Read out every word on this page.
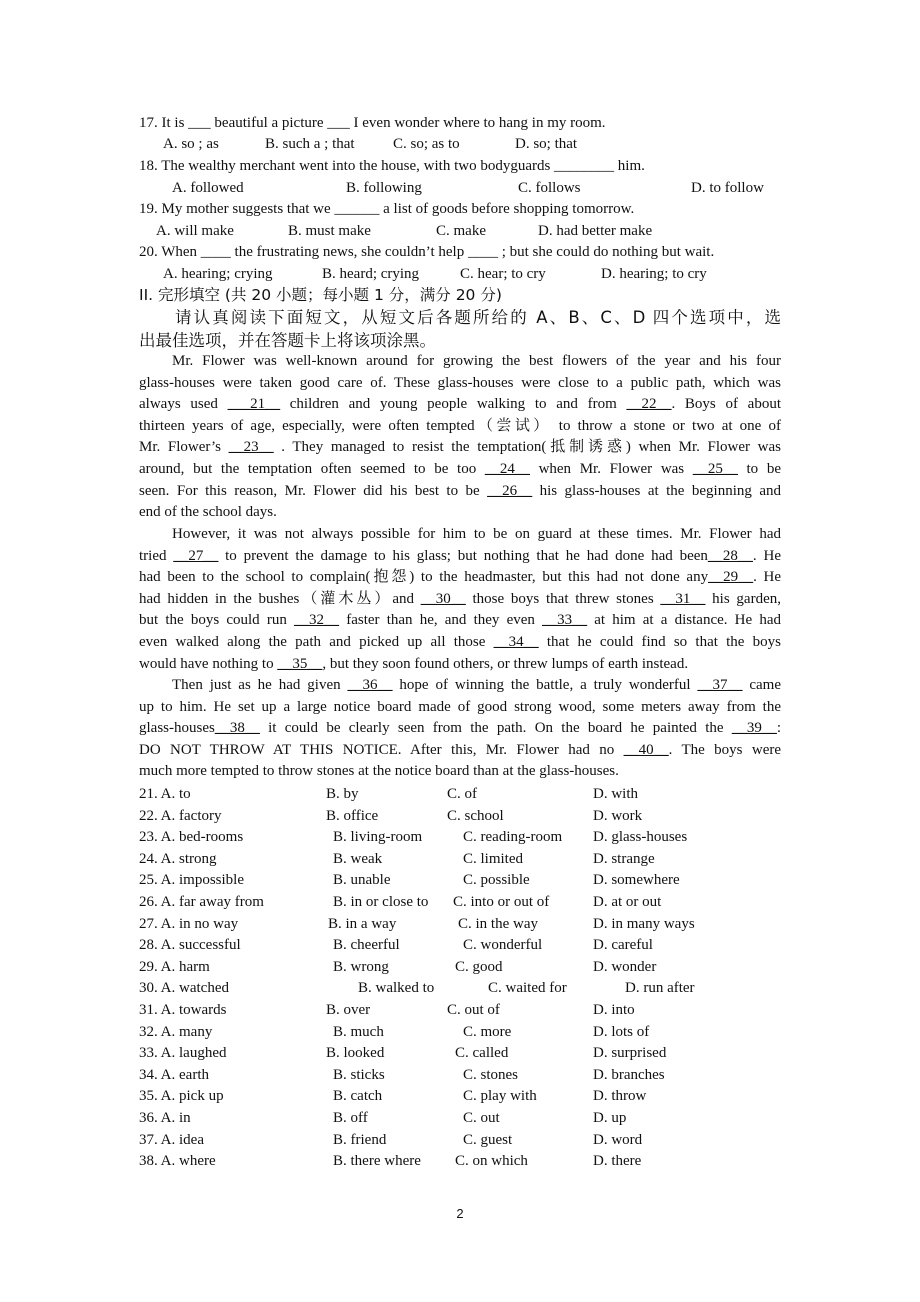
17. It is ___ beautiful a picture ___ I even wonder where to hang in my room.
A. so ; as	B. such a ; that	C. so; as to	D. so; that
18. The wealthy merchant went into the house, with two bodyguards ________ him.
A. followed	B. following	C. follows	D. to follow
19. My mother suggests that we ______ a list of goods before shopping tomorrow.
A. will make	B. must make	C. make	D. had better make
20. When ____ the frustrating news, she couldn’t help ____ ; but she could do nothing but wait.
A. hearing; crying	B. heard; crying	C. hear; to cry	D. hearing; to cry
II. 完形填空 (共 20 小题；每小题 1 分，满分 20 分)
请认真阅读下面短文，从短文后各题所给的 A、B、C、D 四个选项中，选
出最佳选项，并在答题卡上将该项涂黑。
Mr. Flower was well-known around for growing the best flowers of the year and his four
glass-houses were taken good care of. These glass-houses were close to a public path, which was
always used ___21__ children and young people walking to and from __22__. Boys of about
thirteen years of age, especially, were often tempted（尝试） to throw a stone or two at one of
Mr. Flower’s __23__ . They managed to resist the temptation(抵制诱惑) when Mr. Flower was
around, but the temptation often seemed to be too __24__ when Mr. Flower was __25__ to be
seen. For this reason, Mr. Flower did his best to be __26__ his glass-houses at the beginning and
end of the school days.
However, it was not always possible for him to be on guard at these times. Mr. Flower had
tried __27__ to prevent the damage to his glass; but nothing that he had done had been__28__. He
had been to the school to complain(抱怨) to the headmaster, but this had not done any__29__. He
had hidden in the bushes（灌木丛）and __30__ those boys that threw stones __31__ his garden,
but the boys could run __32__ faster than he, and they even __33__ at him at a distance. He had
even walked along the path and picked up all those __34__ that he could find so that the boys
would have nothing to __35__, but they soon found others, or threw lumps of earth instead.
Then just as he had given __36__ hope of winning the battle, a truly wonderful __37__ came
up to him. He set up a large notice board made of good strong wood, some meters away from the
glass-houses__38__ it could be clearly seen from the path. On the board he painted the __39__:
DO NOT THROW AT THIS NOTICE. After this, Mr. Flower had no __40__. The boys were
much more tempted to throw stones at the notice board than at the glass-houses.
21. A. to	B. by	C. of	D. with
22. A. factory	B. office	C. school	D. work
23. A. bed-rooms	B. living-room	C. reading-room D. glass-houses
24. A. strong	B. weak	C. limited	D. strange
25. A. impossible	B. unable	C. possible	D. somewhere
26. A. far away from	B. in or close to C. into or out of	D. at or out
27. A. in no way	B. in a way	C. in the way	D. in many ways
28. A. successful	B. cheerful	C. wonderful	D. careful
29. A. harm	B. wrong	C. good	D. wonder
30. A. watched	B. walked to	C. waited for	D. run after
31. A. towards	B. over	C. out of	D. into
32. A. many	B. much	C. more	D. lots of
33. A. laughed	B. looked	C. called	D. surprised
34. A. earth	B. sticks	C. stones	D. branches
35. A. pick up	B. catch	C. play with	D. throw
36. A. in	B. off	C. out	D. up
37. A. idea	B. friend	C. guest	D. word
38. A. where	B. there where C. on which	D. there
2
